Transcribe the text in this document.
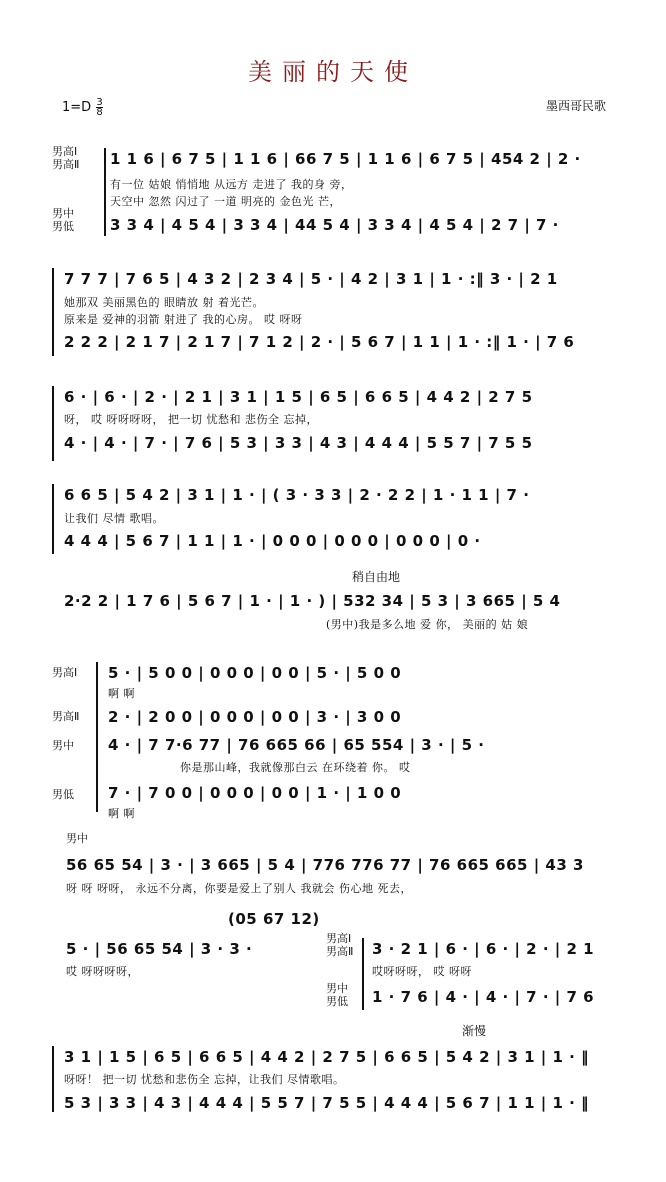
美丽的天使
$1=D \frac{3}{8}$	墨西哥民歌
男高Ⅰ
男高Ⅱ
男中
男低
1 1 6 | 6 7 5 | 1 1 6 | 66 7 5 | 1 1 6 | 6 7 5 | 454 2 | 2 ·
有一位 姑娘 悄悄地 从远方 走进了 我的身 旁，
天空中 忽然 闪过了 一道 明亮的 金色光 芒，
3 3 4 | 4 5 4 | 3 3 4 | 44 5 4 | 3 3 4 | 4 5 4 | 2 7 | 7 ·
7 7 7 | 7 6 5 | 4 3 2 | 2 3 4 | 5 · | 4 2 | 3 1 | 1 · :‖ 3 · | 2 1
她那双 美丽黑色的 眼睛放 射 着光芒。
原来是 爱神的羽箭 射进了 我的心房。 哎 呀呀
2 2 2 | 2 1 7 | 2 1 7 | 7 1 2 | 2 · | 5 6 7 | 1 1 | 1 · :‖ 1 · | 7 6
6 · | 6 · | 2 · | 2 1 | 3 1 | 1 5 | 6 5 | 6 6 5 | 4 4 2 | 2 7 5
呀， 哎 呀呀呀呀， 把一切 忧愁和 悲伤全 忘掉，
4 · | 4 · | 7 · | 7 6 | 5 3 | 3 3 | 4 3 | 4 4 4 | 5 5 7 | 7 5 5
6 6 5 | 5 4 2 | 3 1 | 1 · | ( 3 · 3 3 | 2 · 2 2 | 1 · 1 1 | 7 ·
让我们 尽情 歌唱。
4 4 4 | 5 6 7 | 1 1 | 1 · | 0 0 0 | 0 0 0 | 0 0 0 | 0 ·
稍自由地
2·2 2 | 1 7 6 | 5 6 7 | 1 · | 1 · ) | 532 34 | 5 3 | 3 665 | 5 4
(男中)我是多么地 爱 你， 美丽的 姑 娘
男高Ⅰ
男高Ⅱ
男中
男低
5 · | 5 0 0 | 0 0 0 | 0 0 | 5 · | 5 0 0
啊 啊
2 · | 2 0 0 | 0 0 0 | 0 0 | 3 · | 3 0 0
4 · | 7 7·6 77 | 76 665 66 | 65 554 | 3 · | 5 ·
你是那山峰，我就像那白云 在环绕着 你。 哎
7 · | 7 0 0 | 0 0 0 | 0 0 | 1 · | 1 0 0
啊 啊
男中
56 65 54 | 3 · | 3 665 | 5 4 | 776 776 77 | 76 665 665 | 43 3
呀 呀 呀呀， 永远不分离，你要是爱上了别人 我就会 伤心地 死去，
(05 67 12)
5 · | 56 65 54 | 3 · 3 ·
哎 呀呀呀呀，
男高Ⅰ
男高Ⅱ
男中
男低
3 · 2 1 | 6 · | 6 · | 2 · | 2 1
哎呀呀呀， 哎 呀呀
1 · 7 6 | 4 · | 4 · | 7 · | 7 6
渐慢
3 1 | 1 5 | 6 5 | 6 6 5 | 4 4 2 | 2 7 5 | 6 6 5 | 5 4 2 | 3 1 | 1 · ‖
呀呀！ 把一切 忧愁和悲伤全 忘掉，让我们 尽情歌唱。
5 3 | 3 3 | 4 3 | 4 4 4 | 5 5 7 | 7 5 5 | 4 4 4 | 5 6 7 | 1 1 | 1 · ‖
